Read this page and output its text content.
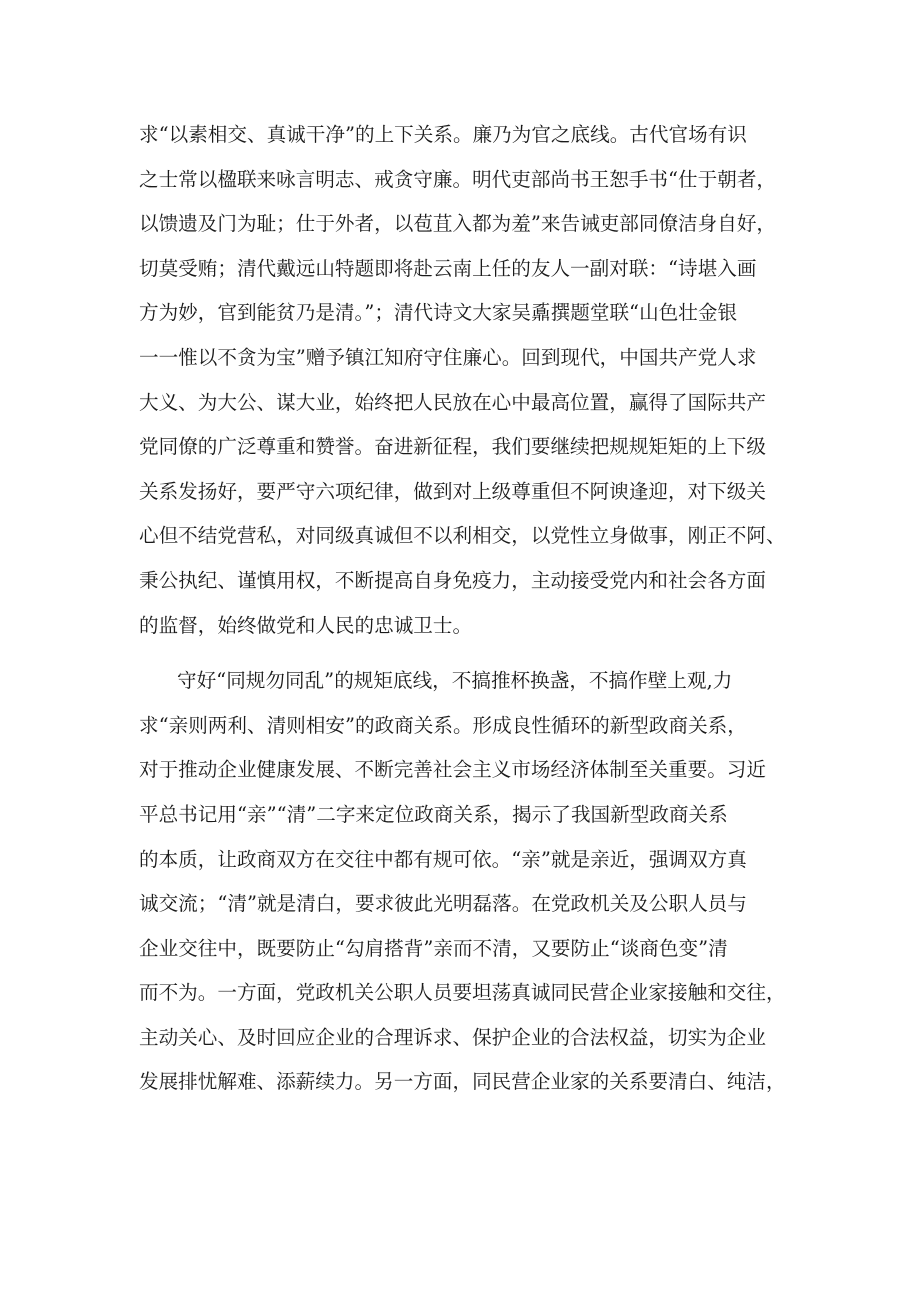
求“以素相交、真诚干净”的上下关系。廉乃为官之底线。古代官场有识
之士常以楹联来咏言明志、戒贪守廉。明代吏部尚书王恕手书“仕于朝者，
以馈遗及门为耻；仕于外者，以苞苴入都为羞”来告诫吏部同僚洁身自好，
切莫受贿；清代戴远山特题即将赴云南上任的友人一副对联：“诗堪入画
方为妙，官到能贫乃是清。”；清代诗文大家吴鼒撰题堂联“山色壮金银
一一惟以不贪为宝”赠予镇江知府守住廉心。回到现代，中国共产党人求
大义、为大公、谋大业，始终把人民放在心中最高位置，赢得了国际共产
党同僚的广泛尊重和赞誉。奋进新征程，我们要继续把规规矩矩的上下级
关系发扬好，要严守六项纪律，做到对上级尊重但不阿谀逢迎，对下级关
心但不结党营私，对同级真诚但不以利相交，以党性立身做事，刚正不阿、
秉公执纪、谨慎用权，不断提高自身免疫力，主动接受党内和社会各方面
的监督，始终做党和人民的忠诚卫士。
守好“同规勿同乱”的规矩底线，不搞推杯换盏，不搞作壁上观,力
求“亲则两利、清则相安”的政商关系。形成良性循环的新型政商关系，
对于推动企业健康发展、不断完善社会主义市场经济体制至关重要。习近
平总书记用“亲”“清”二字来定位政商关系，揭示了我国新型政商关系
的本质，让政商双方在交往中都有规可依。“亲”就是亲近，强调双方真
诚交流；“清”就是清白，要求彼此光明磊落。在党政机关及公职人员与
企业交往中，既要防止“勾肩搭背”亲而不清，又要防止“谈商色变”清
而不为。一方面，党政机关公职人员要坦荡真诚同民营企业家接触和交往，
主动关心、及时回应企业的合理诉求、保护企业的合法权益，切实为企业
发展排忧解难、添薪续力。另一方面，同民营企业家的关系要清白、纯洁，
